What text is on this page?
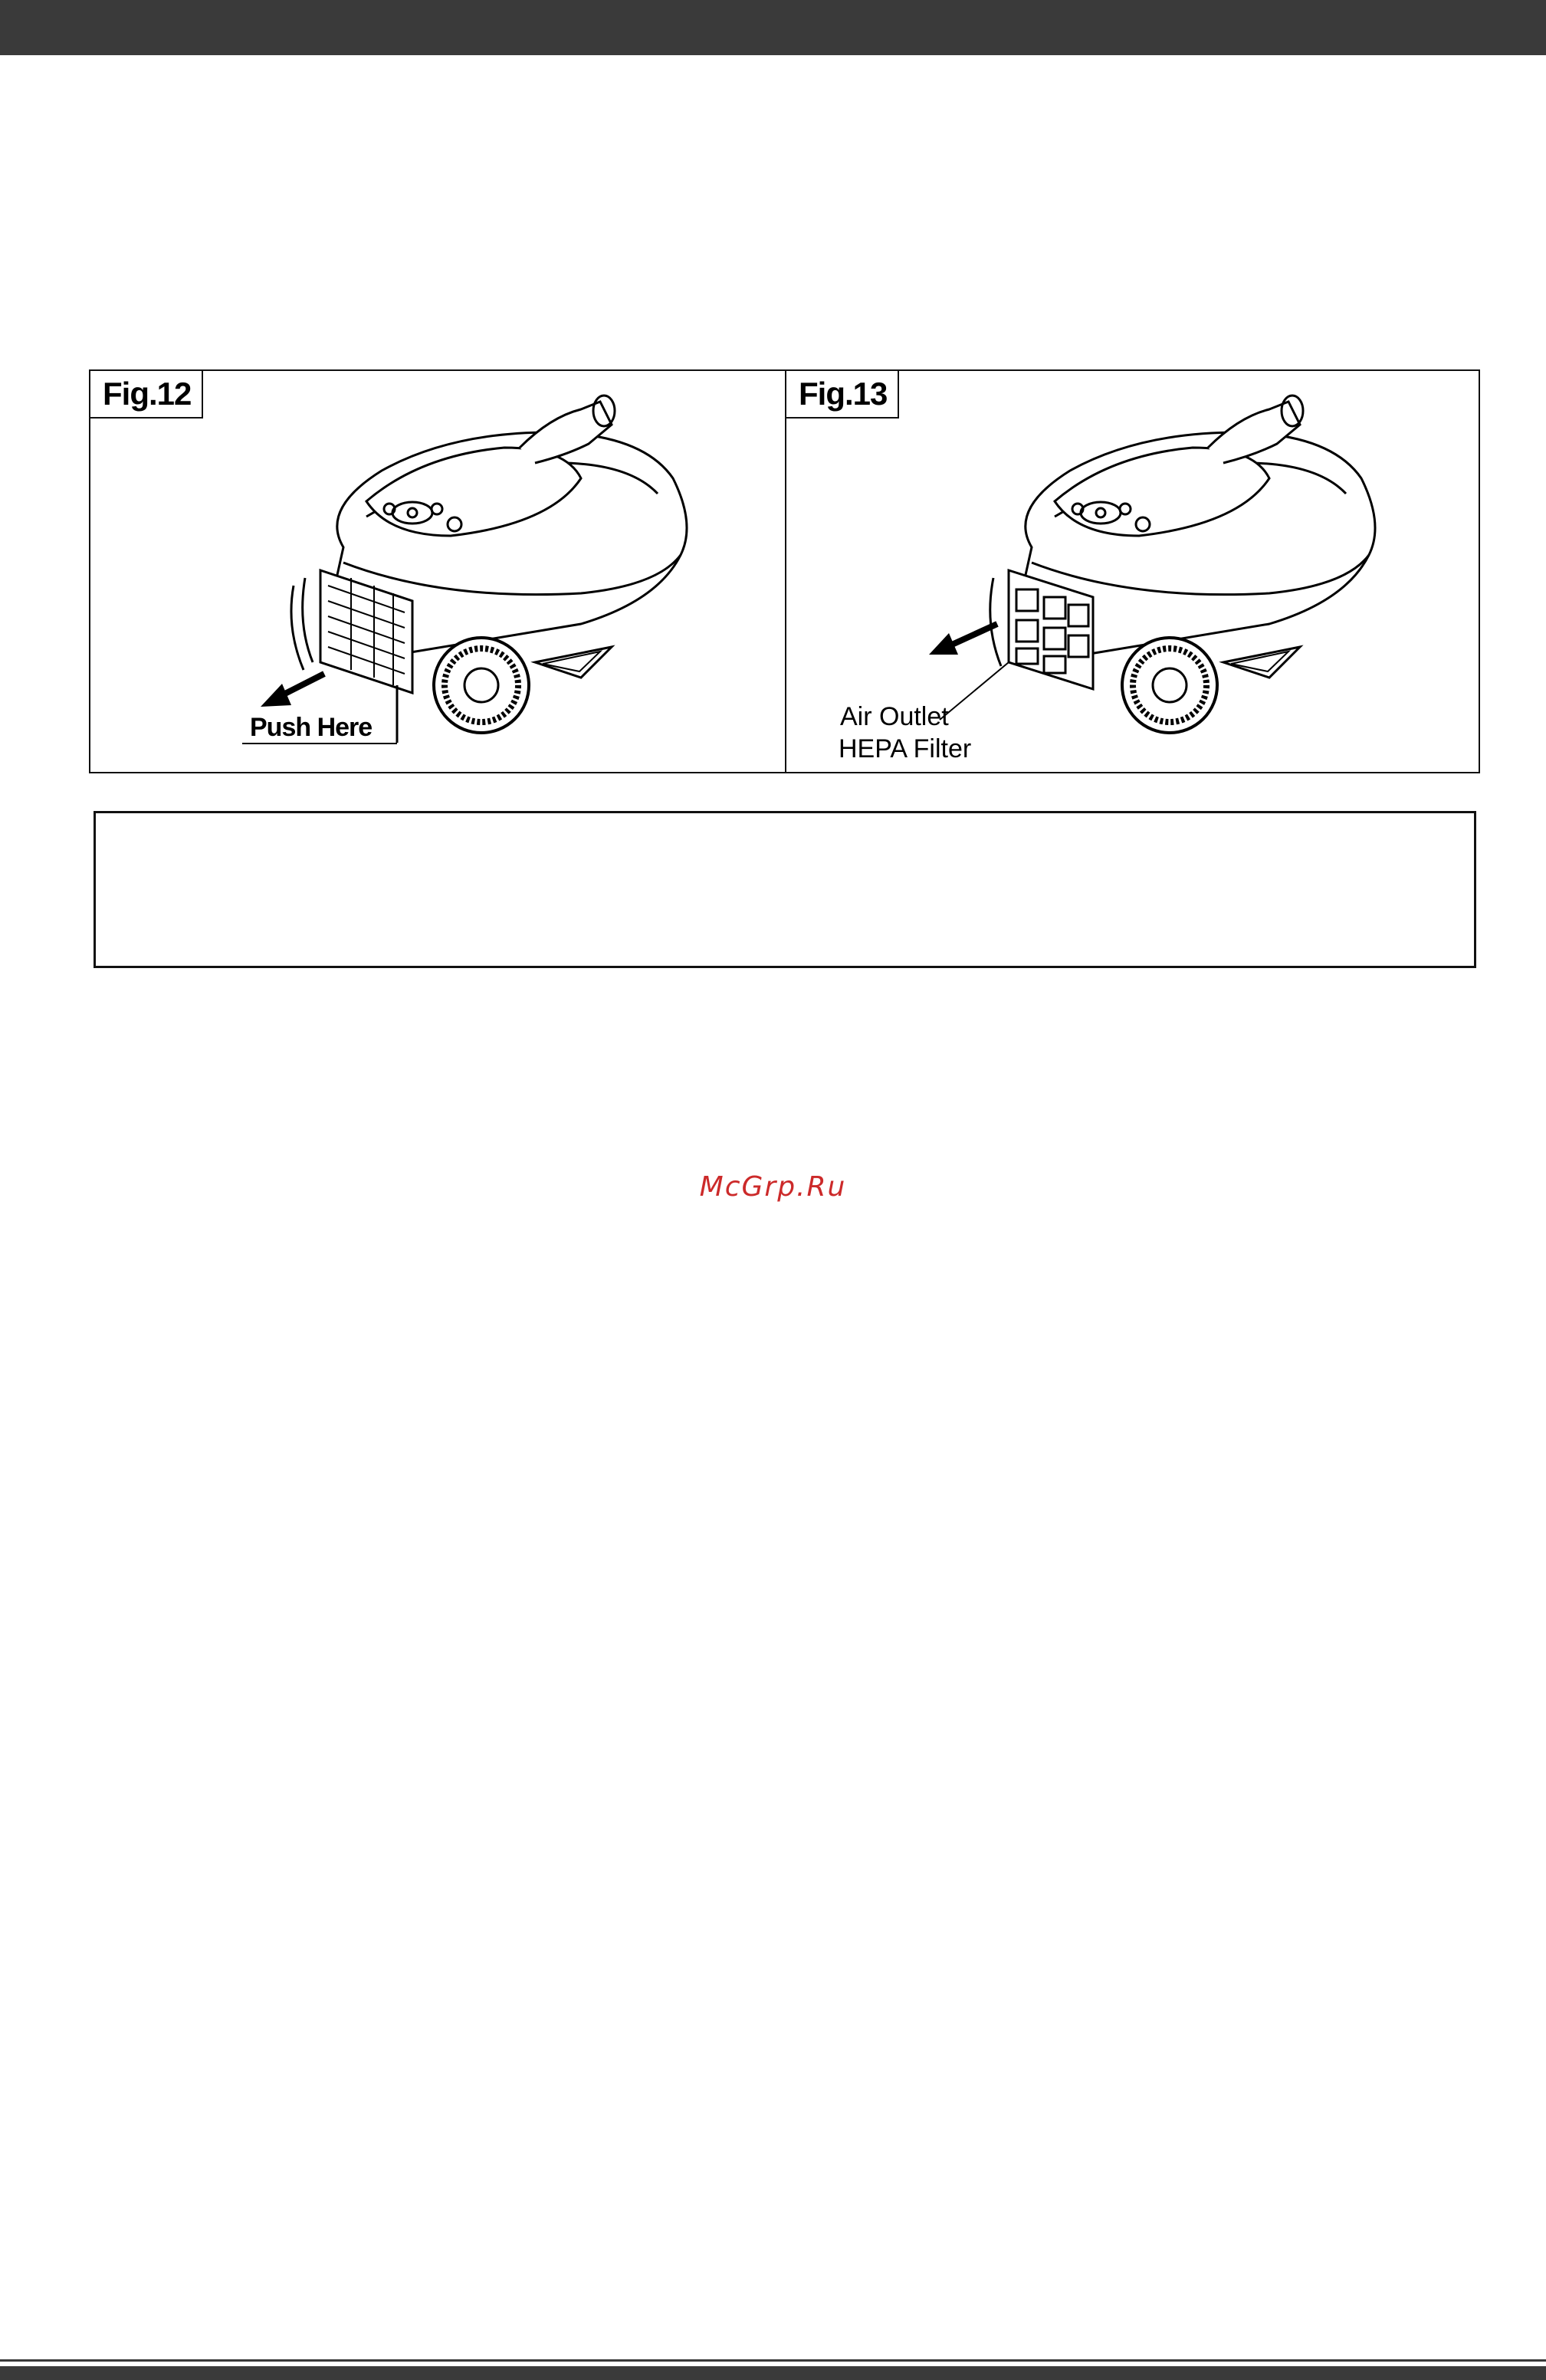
Fig.12
Push Here
Fig.13
Air Outlet
HEPA Filter
McGrp.Ru
